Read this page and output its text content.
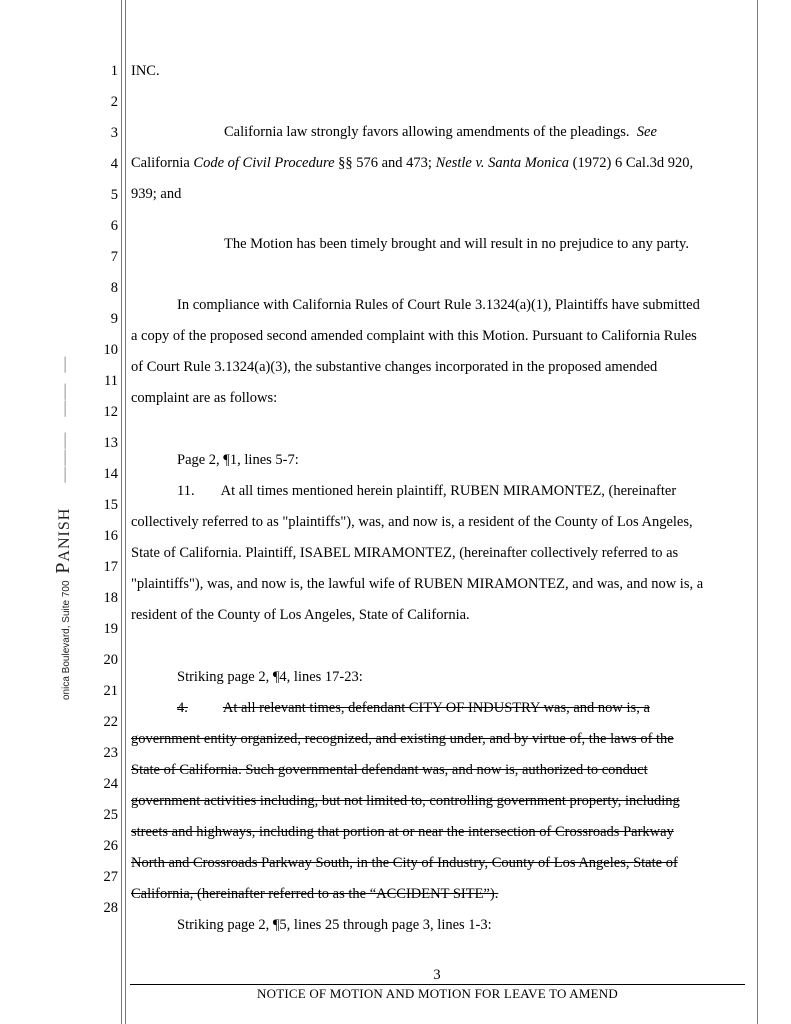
onica Boulevard, Suite 700 PANISH     ———   ——  —
1
2
3
4
5
6
7
8
9
10
11
12
13
14
15
16
17
18
19
20
21
22
23
24
25
26
27
28
INC.
California law strongly favors allowing amendments of the pleadings. See
California Code of Civil Procedure §§ 576 and 473; Nestle v. Santa Monica (1972) 6 Cal.3d 920,
939; and
The Motion has been timely brought and will result in no prejudice to any party.
In compliance with California Rules of Court Rule 3.1324(a)(1), Plaintiffs have submitted
a copy of the proposed second amended complaint with this Motion. Pursuant to California Rules
of Court Rule 3.1324(a)(3), the substantive changes incorporated in the proposed amended
complaint are as follows:
Page 2, ¶1, lines 5-7:
11. At all times mentioned herein plaintiff, RUBEN MIRAMONTEZ, (hereinafter
collectively referred to as "plaintiffs"), was, and now is, a resident of the County of Los Angeles,
State of California. Plaintiff, ISABEL MIRAMONTEZ, (hereinafter collectively referred to as
"plaintiffs"), was, and now is, the lawful wife of RUBEN MIRAMONTEZ, and was, and now is, a
resident of the County of Los Angeles, State of California.
Striking page 2, ¶4, lines 17-23:
4. At all relevant times, defendant CITY OF INDUSTRY was, and now is, a
government entity organized, recognized, and existing under, and by virtue of, the laws of the
State of California. Such governmental defendant was, and now is, authorized to conduct
government activities including, but not limited to, controlling government property, including
streets and highways, including that portion at or near the intersection of Crossroads Parkway
North and Crossroads Parkway South, in the City of Industry, County of Los Angeles, State of
California, (hereinafter referred to as the “ACCIDENT SITE”).
Striking page 2, ¶5, lines 25 through page 3, lines 1-3:
3
NOTICE OF MOTION AND MOTION FOR LEAVE TO AMEND
